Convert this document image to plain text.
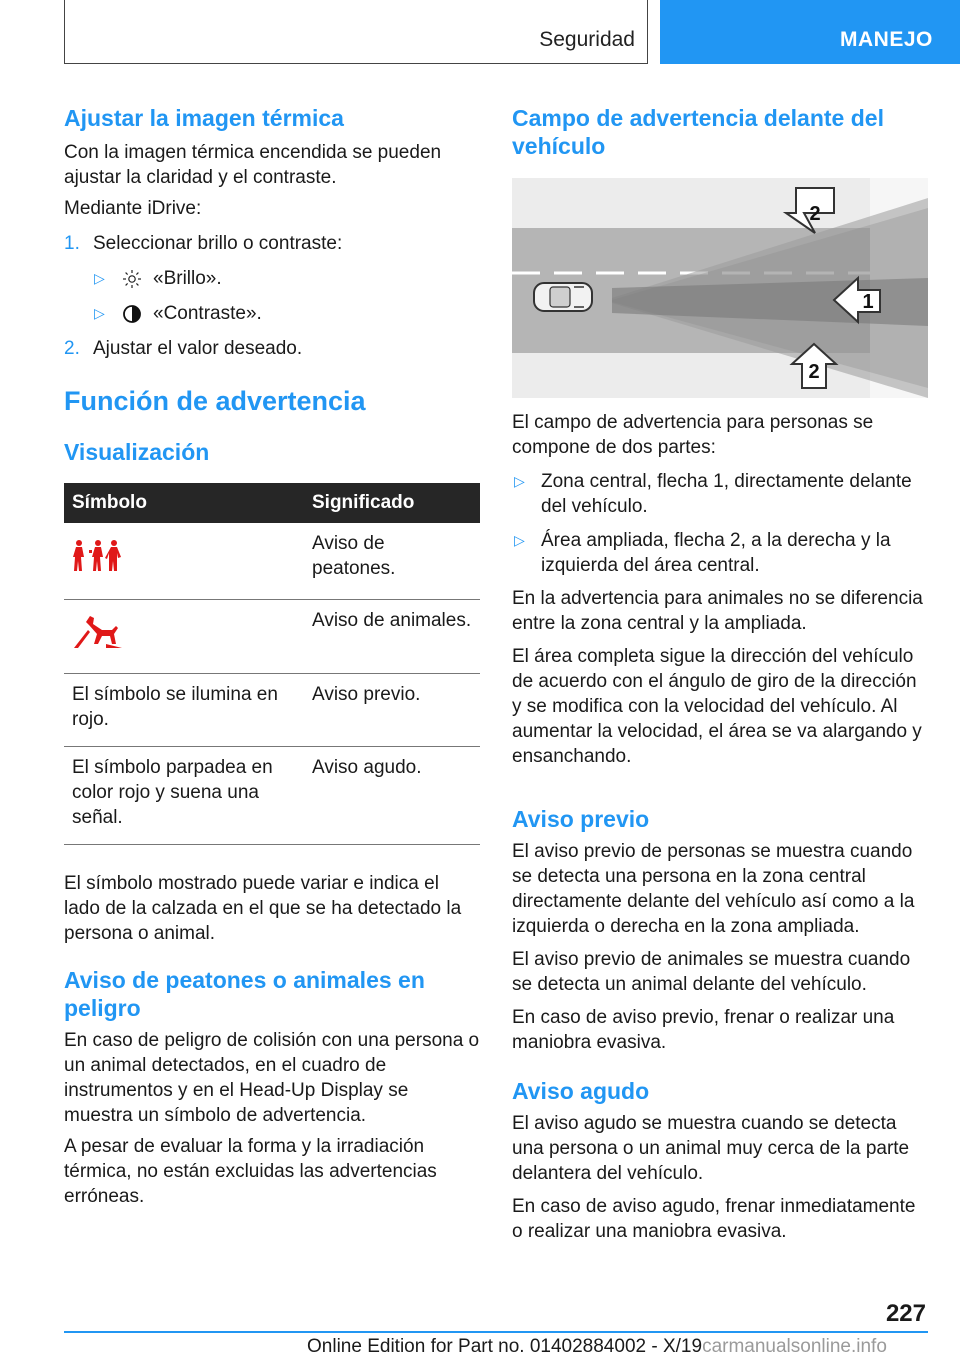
Seguridad	MANEJO
Ajustar la imagen térmica

Con la imagen térmica encendida se pueden ajustar la claridad y el contraste.

Mediante iDrive:

1. Seleccionar brillo o contraste:
▷	«Brillo».
▷	«Contraste».
2. Ajustar el valor deseado.
Función de advertencia
Visualización
Símbolo	Significado
	Aviso de peatones.
	Aviso de animales.
El símbolo se ilumina en rojo.	Aviso previo.
El símbolo parpadea en color rojo y suena una señal.	Aviso agudo.

El símbolo mostrado puede variar e indica el lado de la calzada en el que se ha detectado la persona o animal.

Aviso de peatones o animales en peligro

En caso de peligro de colisión con una persona o un animal detectados, en el cuadro de instrumentos y en el Head-Up Display se muestra un símbolo de advertencia.

A pesar de evaluar la forma y la irradiación térmica, no están excluidas las advertencias erróneas.

Campo de advertencia delante del vehículo
2
1
2

El campo de advertencia para personas se compone de dos partes:

▷ Zona central, flecha 1, directamente delante del vehículo.
▷ Área ampliada, flecha 2, a la derecha y la izquierda del área central.

En la advertencia para animales no se diferencia entre la zona central y la ampliada.

El área completa sigue la dirección del vehículo de acuerdo con el ángulo de giro de la dirección y se modifica con la velocidad del vehículo. Al aumentar la velocidad, el área se va alargando y ensanchando.

Aviso previo

El aviso previo de personas se muestra cuando se detecta una persona en la zona central directamente delante del vehículo así como a la izquierda o derecha en la zona ampliada.

El aviso previo de animales se muestra cuando se detecta un animal delante del vehículo.

En caso de aviso previo, frenar o realizar una maniobra evasiva.

Aviso agudo

El aviso agudo se muestra cuando se detecta una persona o un animal muy cerca de la parte delantera del vehículo.

En caso de aviso agudo, frenar inmediatamente o realizar una maniobra evasiva.

227
Online Edition for Part no. 01402884002 - X/19carmanualsonline.info
